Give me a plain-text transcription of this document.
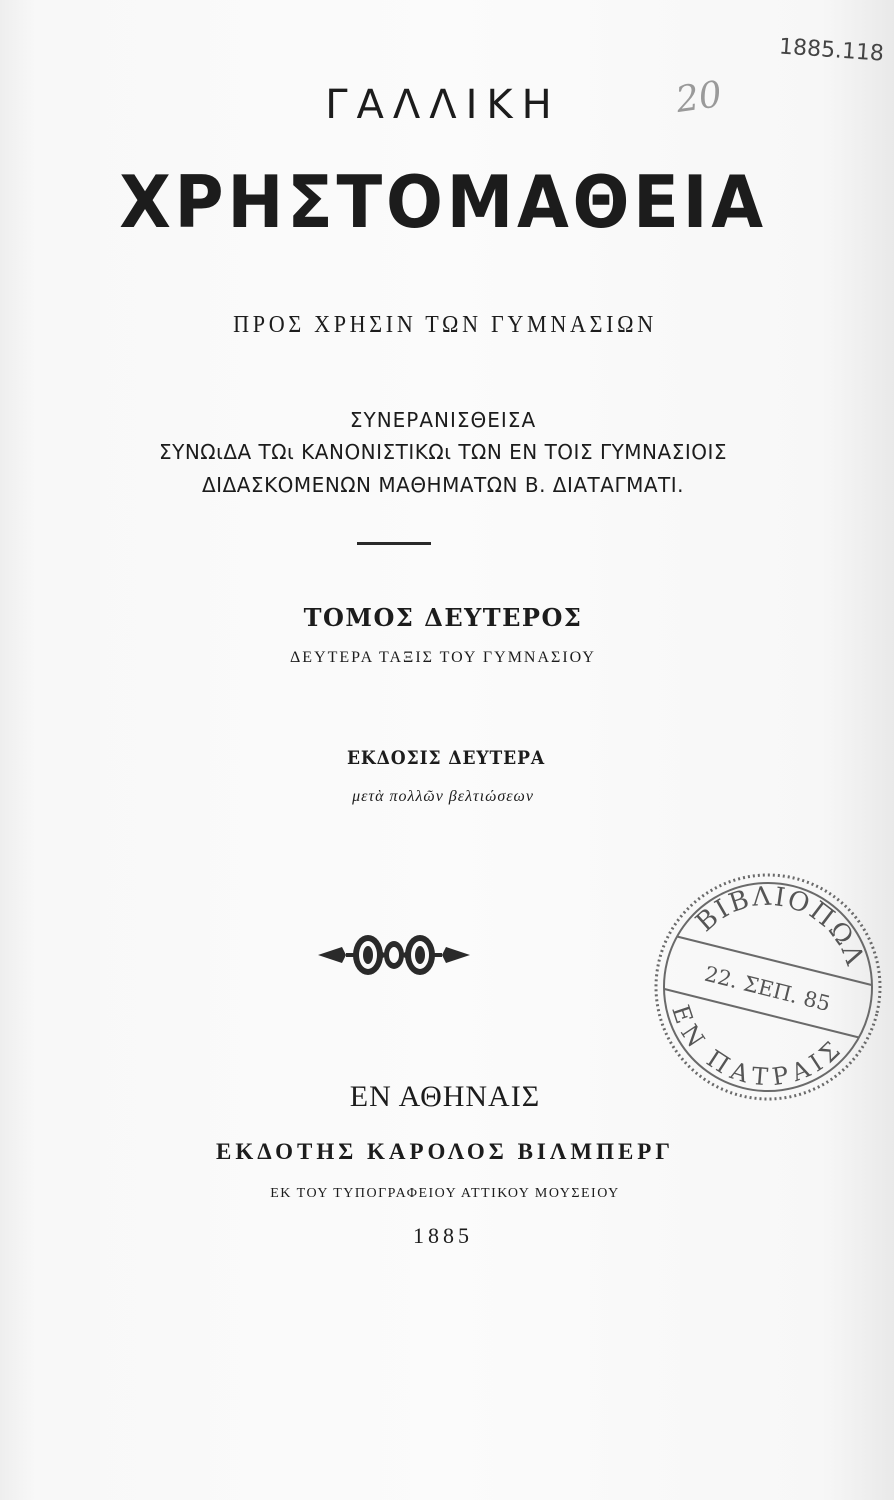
ΓΑΛΛΙΚΗ

ΧΡΗΣΤΟΜΑΘΕΙΑ

ΠΡΟΣ ΧΡΗΣΙΝ ΤΩΝ ΓΥΜΝΑΣΙΩΝ

ΣΥΝΕΡΑΝΙΣΘΕΙΣΑ

ΣΥΝΩιΔΑ ΤΩι ΚΑΝΟΝΙΣΤΙΚΩι ΤΩΝ ΕΝ ΤΟΙΣ ΓΥΜΝΑΣΙΟΙΣ

ΔΙΔΑΣΚΟΜΕΝΩΝ ΜΑΘΗΜΑΤΩΝ Β. ΔΙΑΤΑΓΜΑΤΙ.

ΤΟΜΟΣ ΔΕΥΤΕΡΟΣ

ΔΕΥΤΕΡΑ ΤΑΞΙΣ ΤΟΥ ΓΥΜΝΑΣΙΟΥ

ΕΚΔΟΣΙΣ ΔΕΥΤΕΡΑ

μετὰ πολλῶν βελτιώσεων

ΕΝ ΑΘΗΝΑΙΣ

ΕΚΔΟΤΗΣ ΚΑΡΟΛΟΣ ΒΙΛΜΠΕΡΓ

ΕΚ ΤΟΥ ΤΥΠΟΓΡΑΦΕΙΟΥ ΑΤΤΙΚΟΥ ΜΟΥΣΕΙΟΥ

1885

1885.118
20
ΒΙΒΛΙΟΠΩΛ
22. ΣΕΠ. 85
ΕΝ ΠΑΤΡΑΙΣ
